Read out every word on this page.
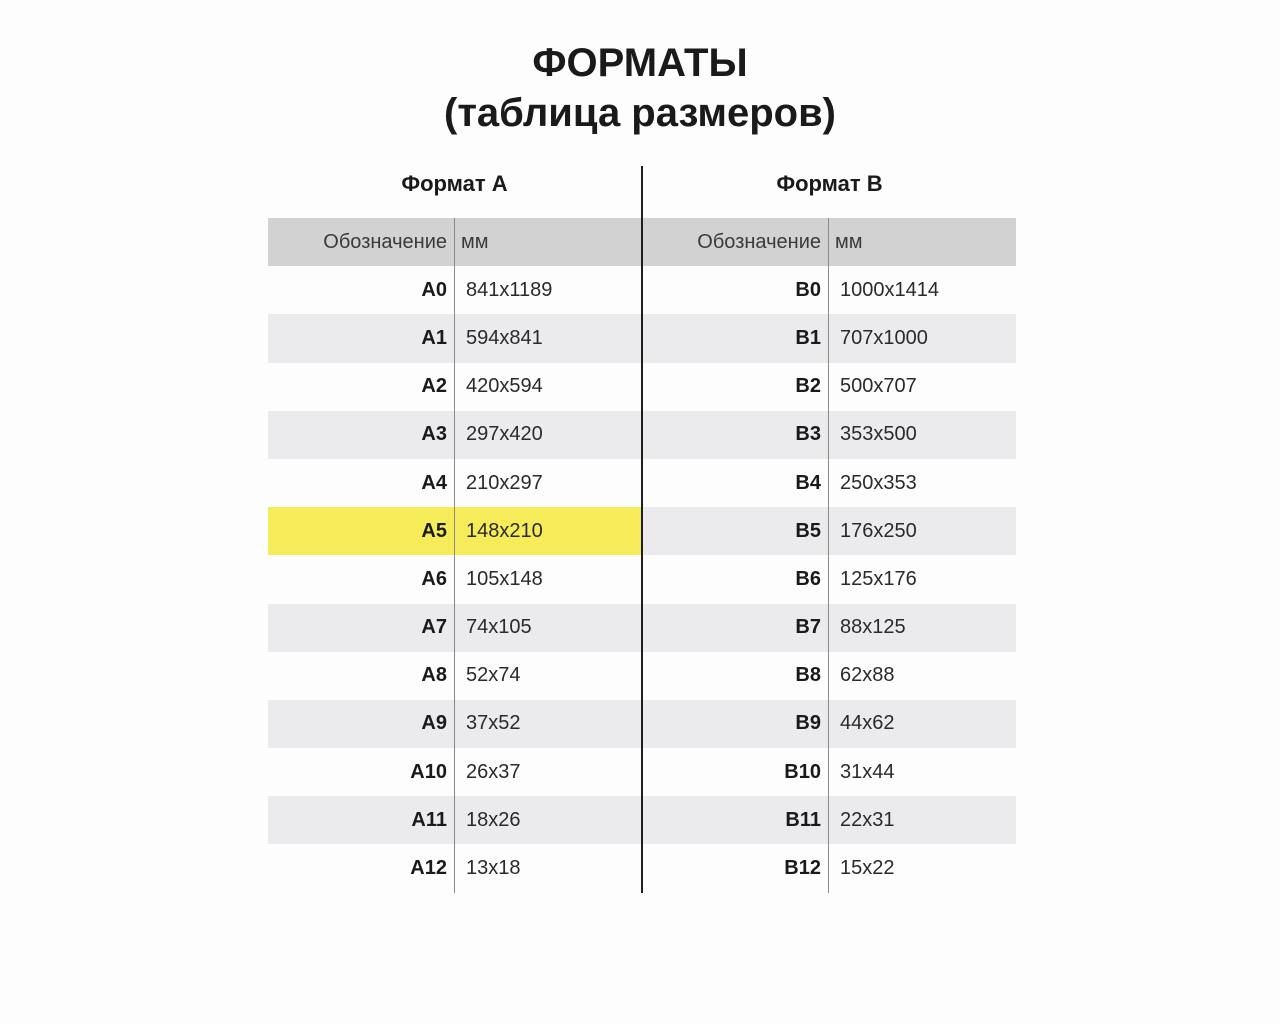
ФОРМАТЫ
(таблица размеров)
Формат А
Обозначение мм
A0 841x1189
A1 594x841
A2 420x594
A3 297x420
A4 210x297
A5 148x210
A6 105x148
A7 74x105
A8 52x74
A9 37x52
A10 26x37
A11 18x26
A12 13x18
Формат B
Обозначение мм
B0 1000x1414
B1 707x1000
B2 500x707
B3 353x500
B4 250x353
B5 176x250
B6 125x176
B7 88x125
B8 62x88
B9 44x62
B10 31x44
B11 22x31
B12 15x22
